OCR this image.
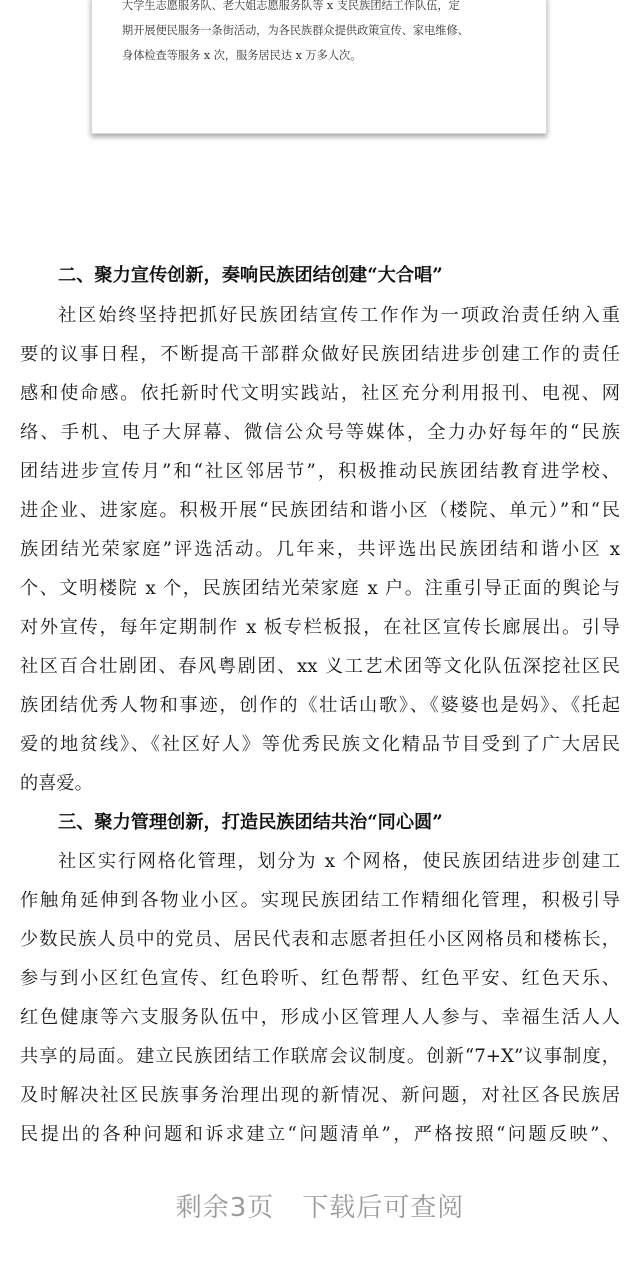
大学生志愿服务队、老大姐志愿服务队等 x 支民族团结工作队伍，定
期开展便民服务一条街活动，为各民族群众提供政策宣传、家电维修、
身体检查等服务 x 次，服务居民达 x 万多人次。
二、聚力宣传创新，奏响民族团结创建“大合唱”
社区始终坚持把抓好民族团结宣传工作作为一项政治责任纳入重
要的议事日程，不断提高干部群众做好民族团结进步创建工作的责任
感和使命感。依托新时代文明实践站，社区充分利用报刊、电视、网
络、手机、电子大屏幕、微信公众号等媒体，全力办好每年的“民族
团结进步宣传月”和“社区邻居节”，积极推动民族团结教育进学校、
进企业、进家庭。积极开展“民族团结和谐小区（楼院、单元）”和“民
族团结光荣家庭”评选活动。几年来，共评选出民族团结和谐小区 x
个、文明楼院 x 个，民族团结光荣家庭 x 户。注重引导正面的舆论与
对外宣传，每年定期制作 x 板专栏板报，在社区宣传长廊展出。引导
社区百合壮剧团、春风粤剧团、xx 义工艺术团等文化队伍深挖社区民
族团结优秀人物和事迹，创作的《壮话山歌》、《婆婆也是妈》、《托起
爱的地贫线》、《社区好人》等优秀民族文化精品节目受到了广大居民
的喜爱。
三、聚力管理创新，打造民族团结共治“同心圆”
社区实行网格化管理，划分为 x 个网格，使民族团结进步创建工
作触角延伸到各物业小区。实现民族团结工作精细化管理，积极引导
少数民族人员中的党员、居民代表和志愿者担任小区网格员和楼栋长，
参与到小区红色宣传、红色聆听、红色帮帮、红色平安、红色天乐、
红色健康等六支服务队伍中，形成小区管理人人参与、幸福生活人人
共享的局面。建立民族团结工作联席会议制度。创新“7+X”议事制度，
及时解决社区民族事务治理出现的新情况、新问题，对社区各民族居
民提出的各种问题和诉求建立“问题清单”，严格按照“问题反映”、
剩余3页 下载后可查阅
